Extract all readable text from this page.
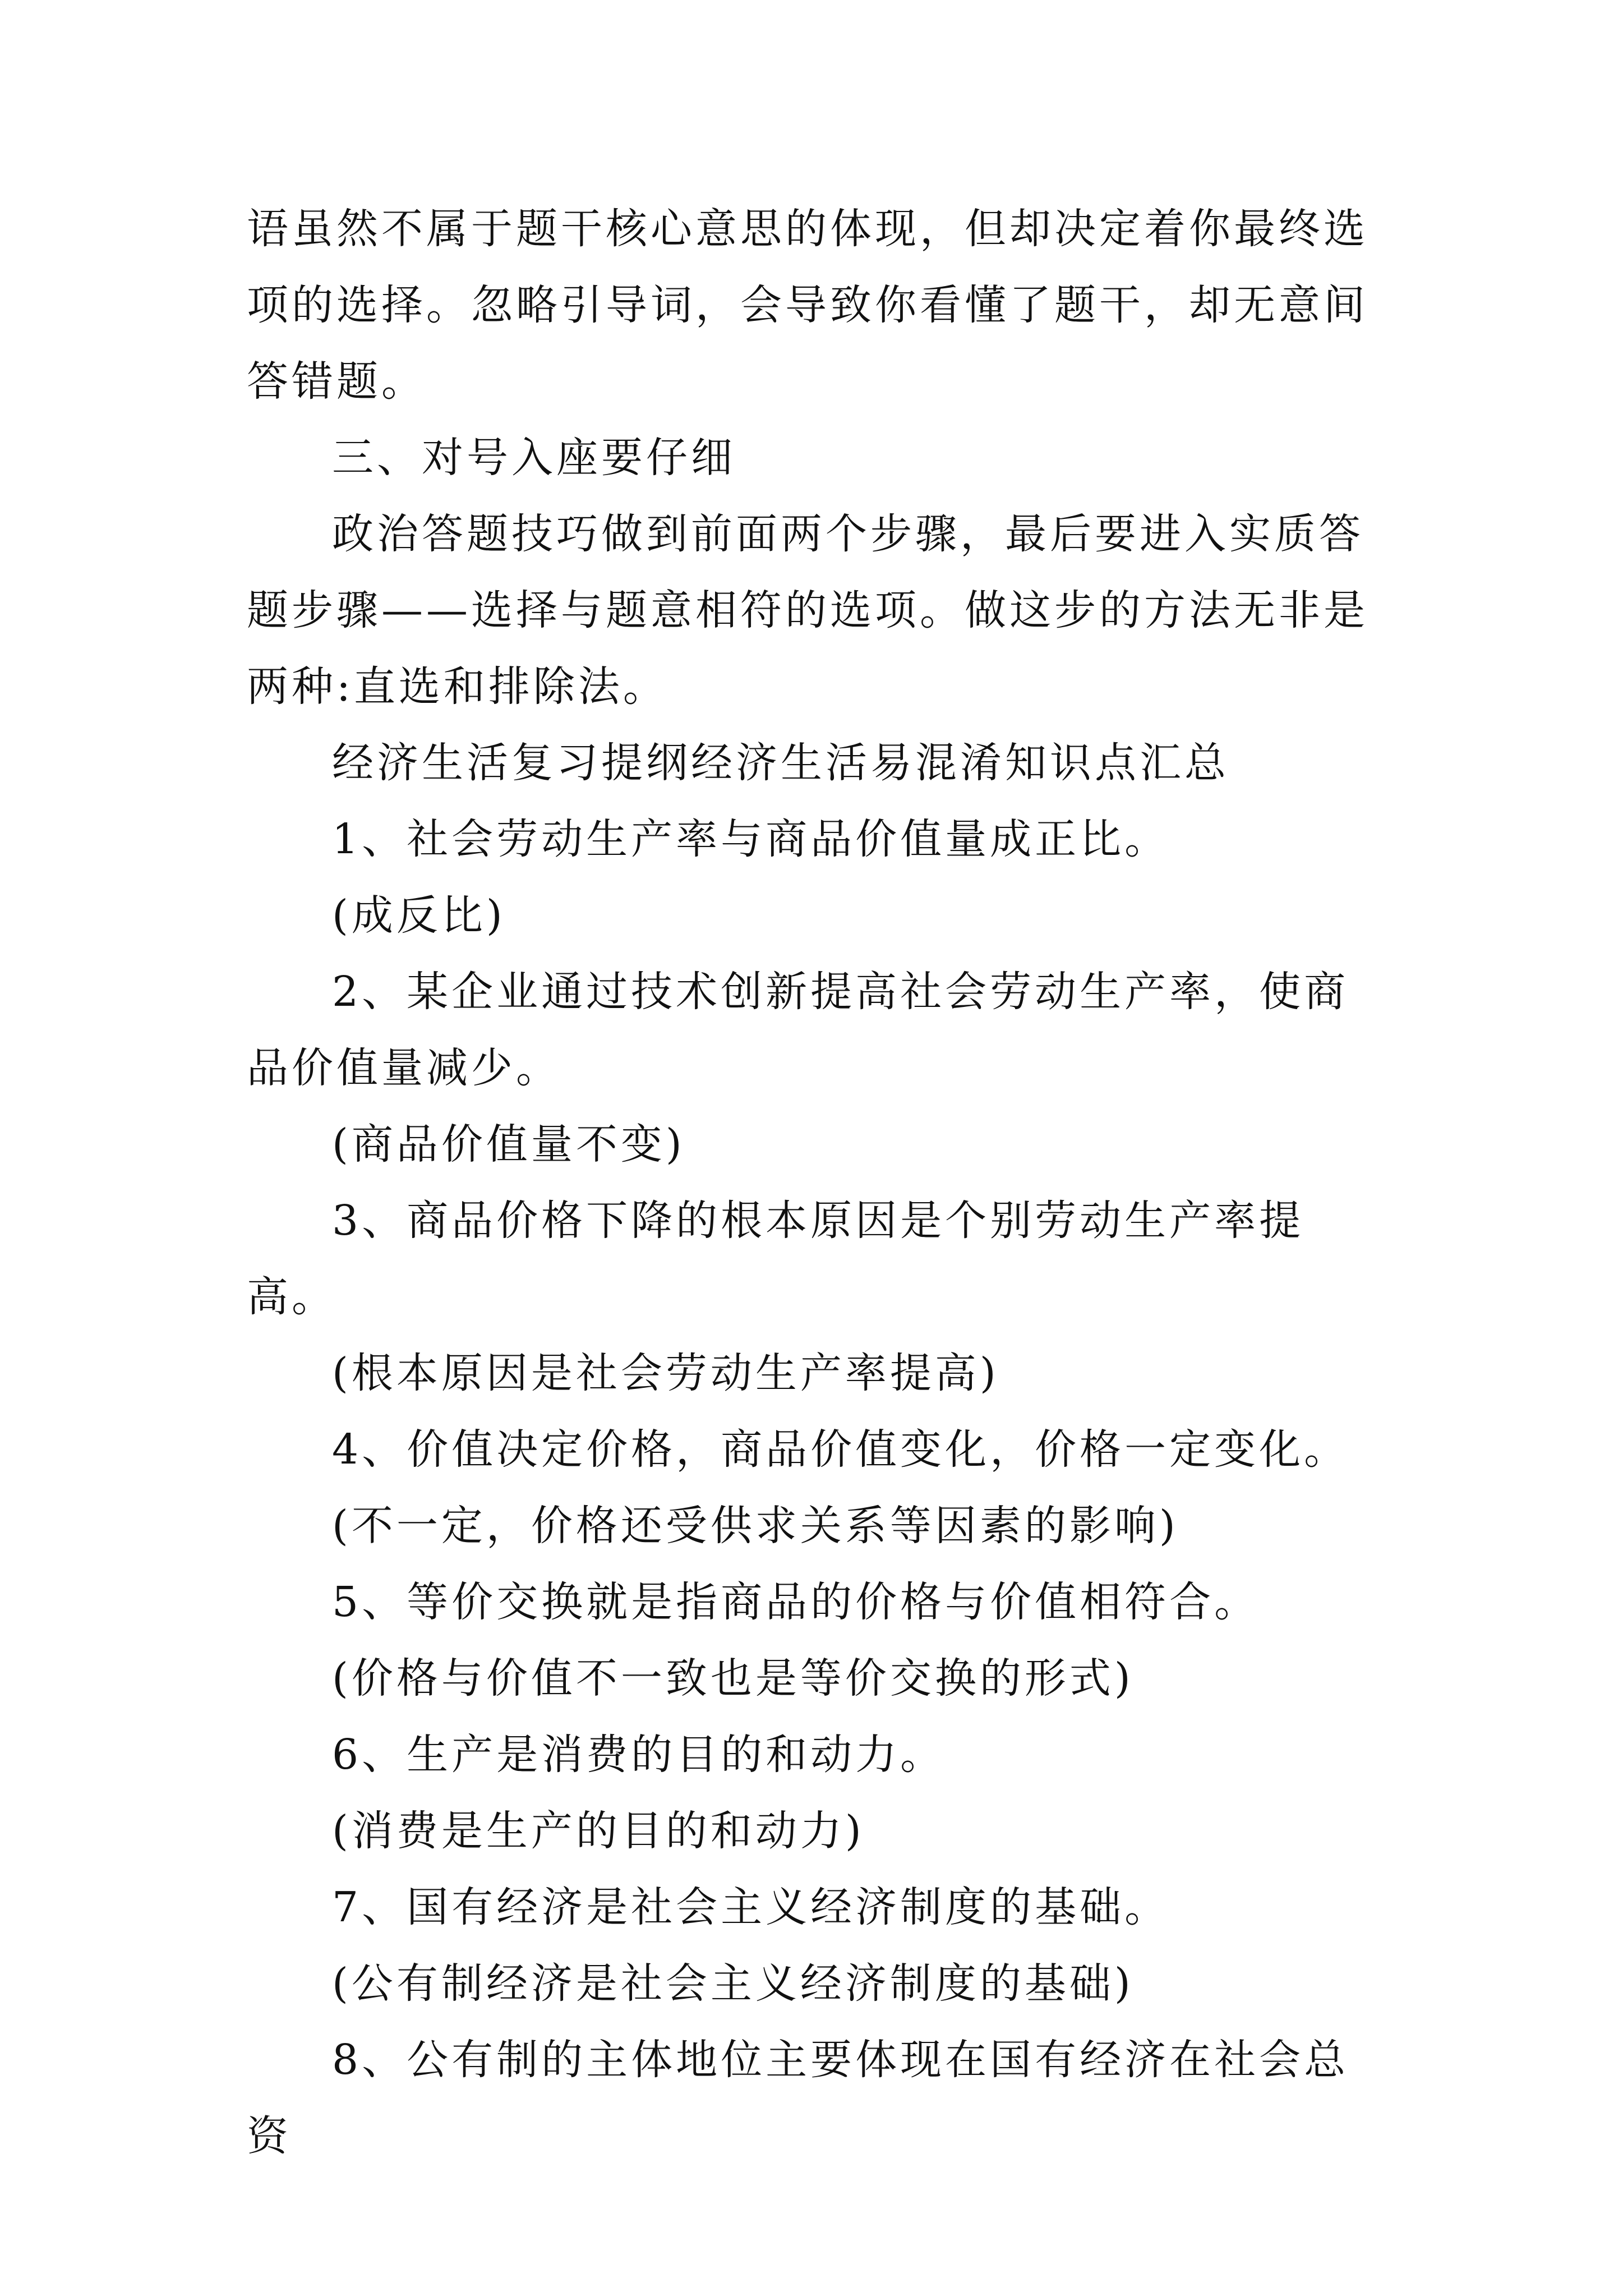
语虽然不属于题干核心意思的体现，但却决定着你最终选项的选择。忽略引导词，会导致你看懂了题干，却无意间答错题。

三、对号入座要仔细

政治答题技巧做到前面两个步骤，最后要进入实质答题步骤——选择与题意相符的选项。做这步的方法无非是两种:直选和排除法。

经济生活复习提纲经济生活易混淆知识点汇总

1、社会劳动生产率与商品价值量成正比。

(成反比)

2、某企业通过技术创新提高社会劳动生产率，使商品价值量减少。

(商品价值量不变)

3、商品价格下降的根本原因是个别劳动生产率提高。

(根本原因是社会劳动生产率提高)

4、价值决定价格，商品价值变化，价格一定变化。

(不一定，价格还受供求关系等因素的影响)

5、等价交换就是指商品的价格与价值相符合。

(价格与价值不一致也是等价交换的形式)

6、生产是消费的目的和动力。

(消费是生产的目的和动力)

7、国有经济是社会主义经济制度的基础。

(公有制经济是社会主义经济制度的基础)

8、公有制的主体地位主要体现在国有经济在社会总资
